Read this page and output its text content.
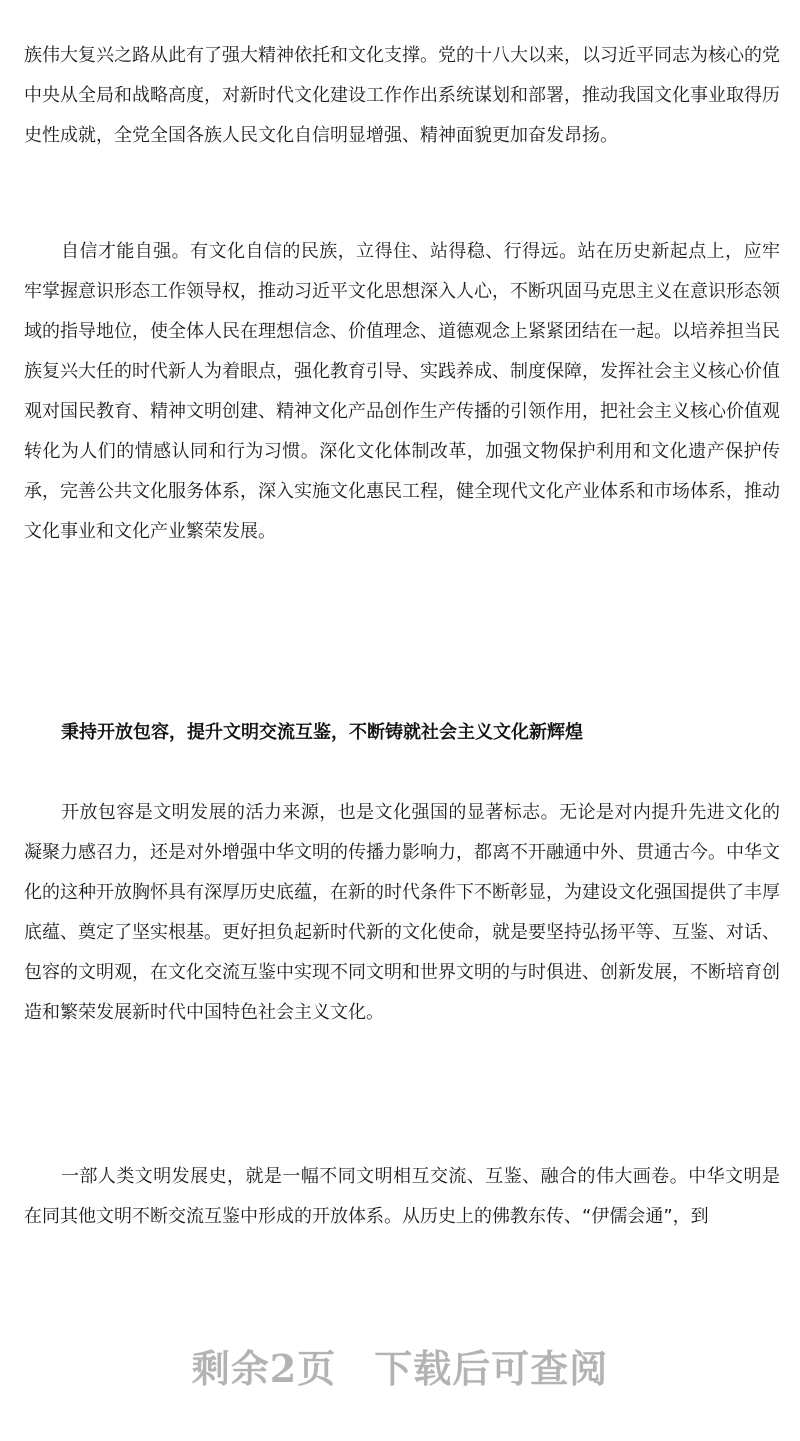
族伟大复兴之路从此有了强大精神依托和文化支撑。党的十八大以来，以习近平同志为核心的党中央从全局和战略高度，对新时代文化建设工作作出系统谋划和部署，推动我国文化事业取得历史性成就，全党全国各族人民文化自信明显增强、精神面貌更加奋发昂扬。

自信才能自强。有文化自信的民族，立得住、站得稳、行得远。站在历史新起点上，应牢牢掌握意识形态工作领导权，推动习近平文化思想深入人心，不断巩固马克思主义在意识形态领域的指导地位，使全体人民在理想信念、价值理念、道德观念上紧紧团结在一起。以培养担当民族复兴大任的时代新人为着眼点，强化教育引导、实践养成、制度保障，发挥社会主义核心价值观对国民教育、精神文明创建、精神文化产品创作生产传播的引领作用，把社会主义核心价值观转化为人们的情感认同和行为习惯。深化文化体制改革，加强文物保护利用和文化遗产保护传承，完善公共文化服务体系，深入实施文化惠民工程，健全现代文化产业体系和市场体系，推动文化事业和文化产业繁荣发展。

秉持开放包容，提升文明交流互鉴，不断铸就社会主义文化新辉煌

开放包容是文明发展的活力来源，也是文化强国的显著标志。无论是对内提升先进文化的凝聚力感召力，还是对外增强中华文明的传播力影响力，都离不开融通中外、贯通古今。中华文化的这种开放胸怀具有深厚历史底蕴，在新的时代条件下不断彰显，为建设文化强国提供了丰厚底蕴、奠定了坚实根基。更好担负起新时代新的文化使命，就是要坚持弘扬平等、互鉴、对话、包容的文明观，在文化交流互鉴中实现不同文明和世界文明的与时俱进、创新发展，不断培育创造和繁荣发展新时代中国特色社会主义文化。

一部人类文明发展史，就是一幅不同文明相互交流、互鉴、融合的伟大画卷。中华文明是在同其他文明不断交流互鉴中形成的开放体系。从历史上的佛教东传、“伊儒会通”，到

剩余2页 下载后可查阅
